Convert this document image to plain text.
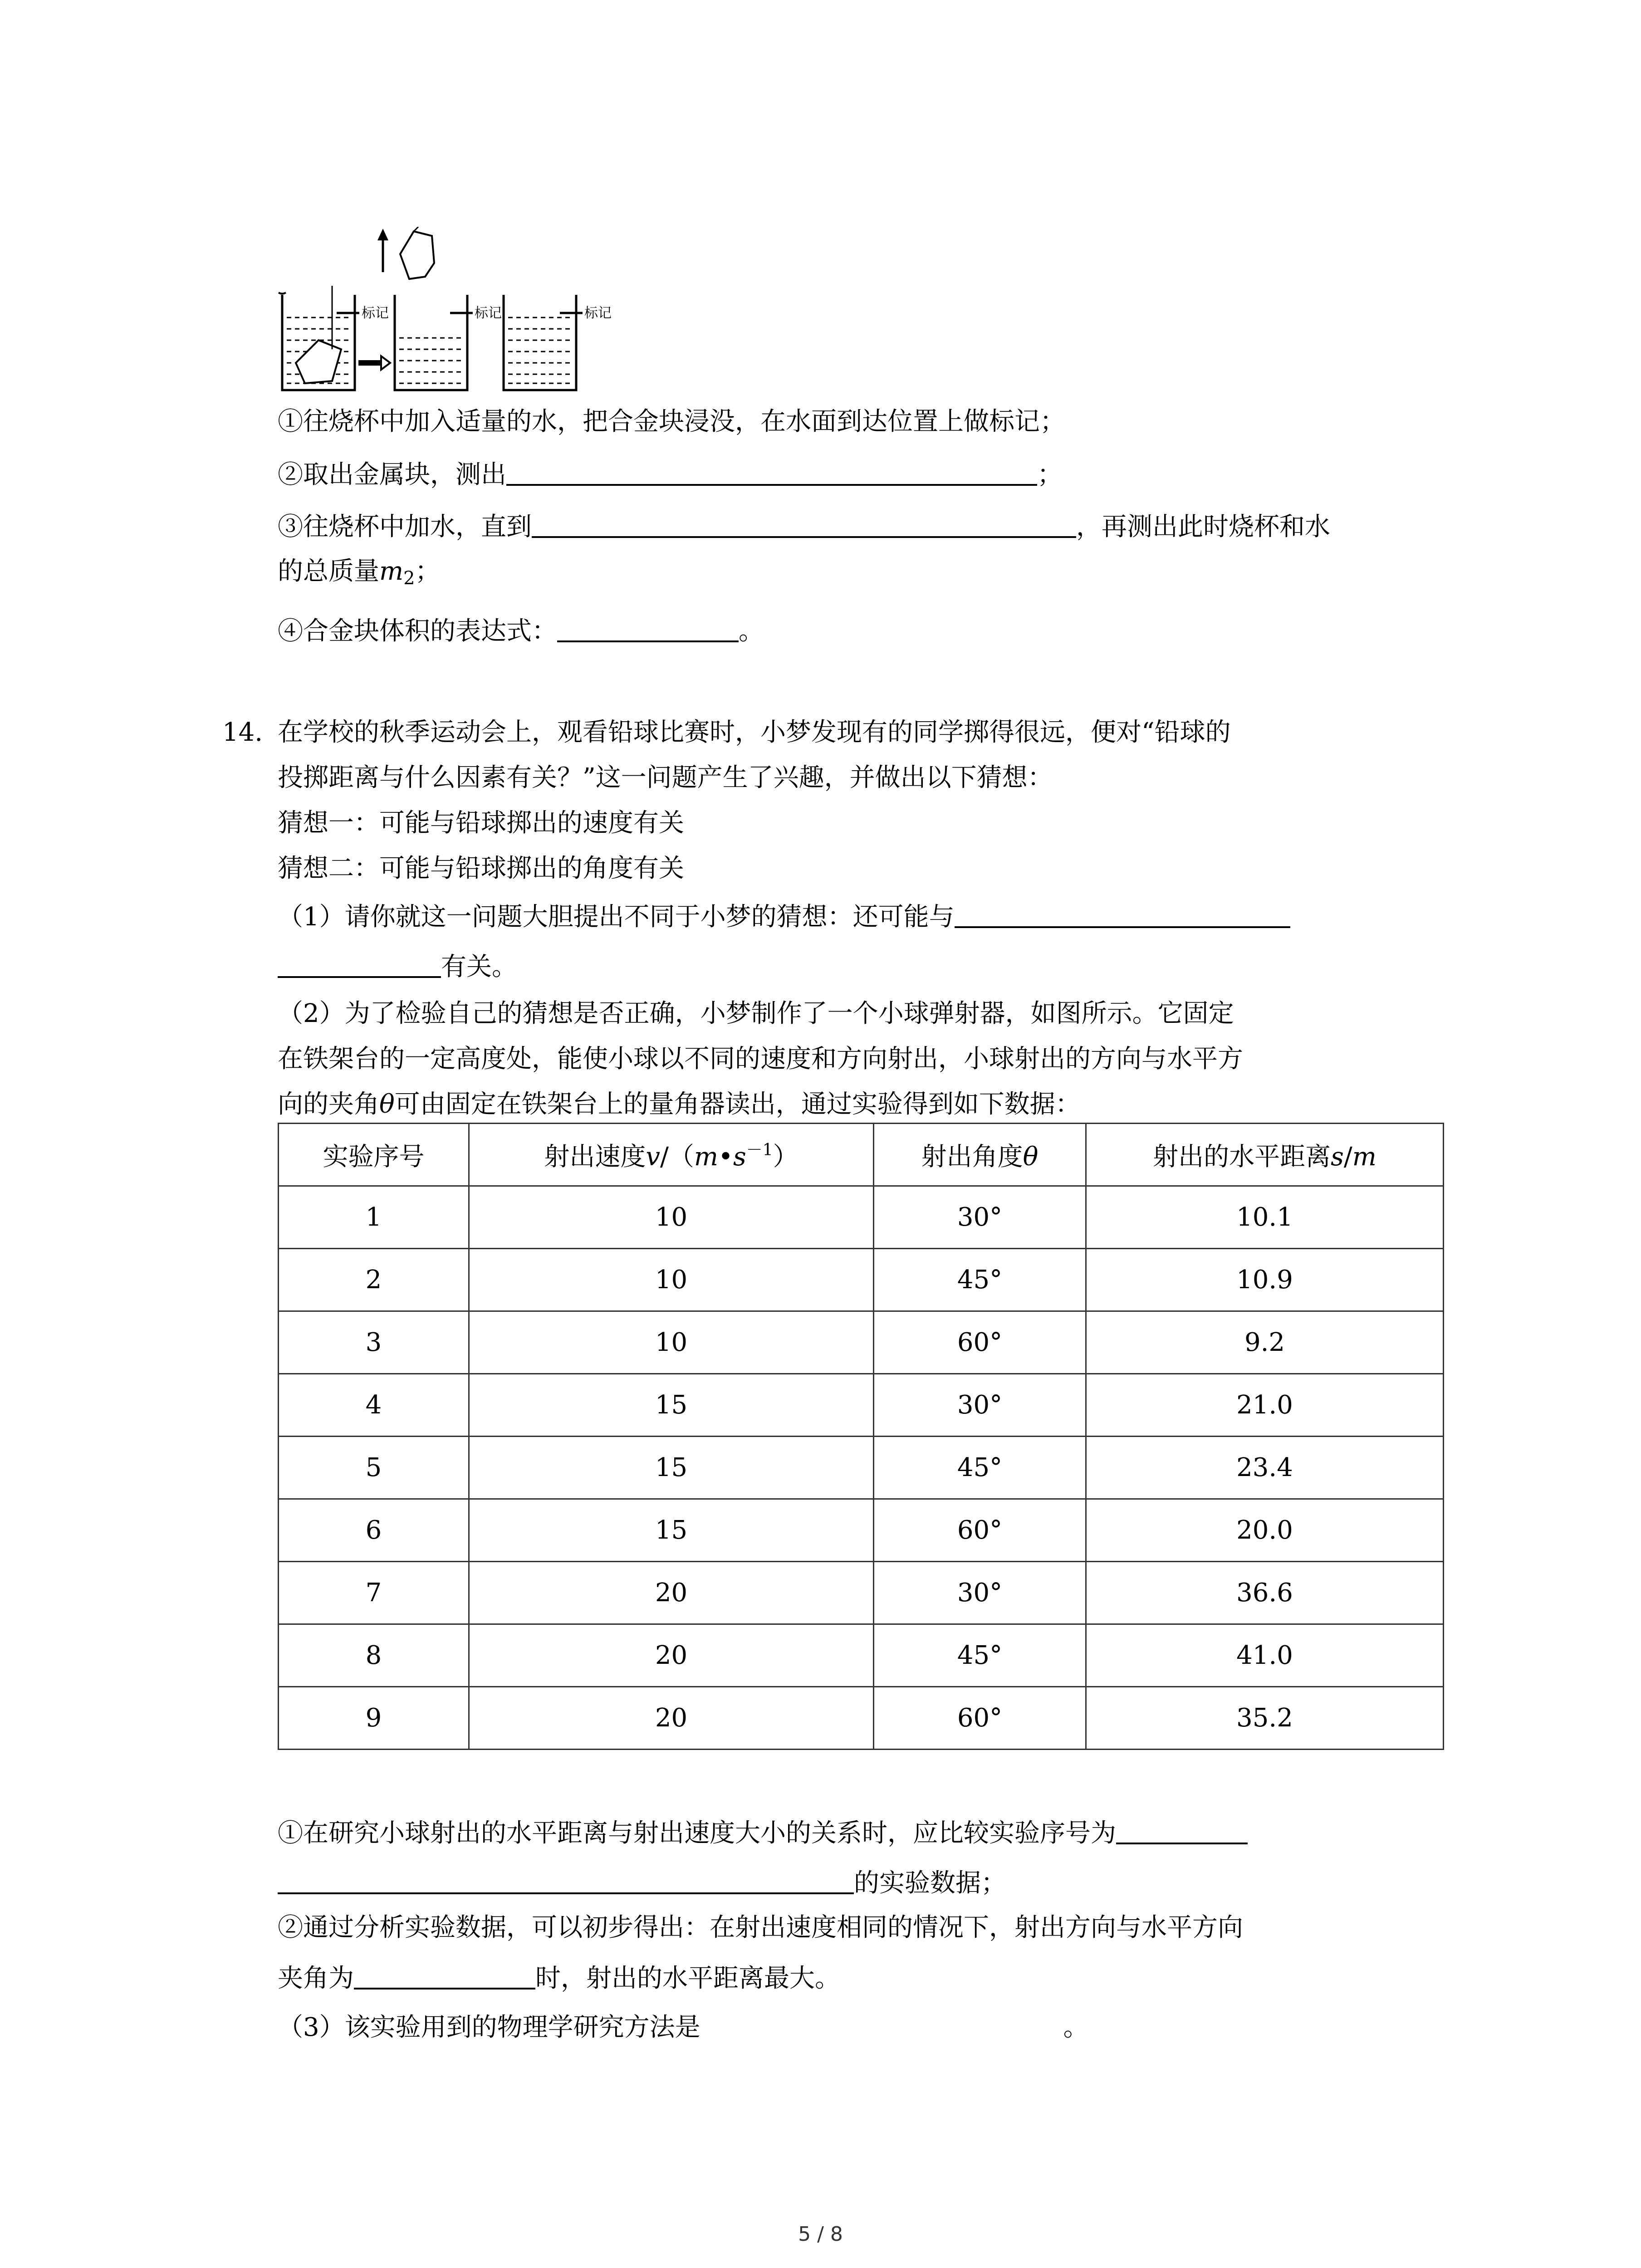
标记	标记	标记
①往烧杯中加入适量的水，把合金块浸没，在水面到达位置上做标记；
②取出金属块，测出	；
③往烧杯中加水，直到	，再测出此时烧杯和水
的总质量$m_2$；
④合金块体积的表达式：	。
14. 在学校的秋季运动会上，观看铅球比赛时，小梦发现有的同学掷得很远，便对“铅球的
投掷距离与什么因素有关？”这一问题产生了兴趣，并做出以下猜想：
猜想一：可能与铅球掷出的速度有关
猜想二：可能与铅球掷出的角度有关
（1）请你就这一问题大胆提出不同于小梦的猜想：还可能与
有关。
（2）为了检验自己的猜想是否正确，小梦制作了一个小球弹射器，如图所示。它固定
在铁架台的一定高度处，能使小球以不同的速度和方向射出，小球射出的方向与水平方
向的夹角θ可由固定在铁架台上的量角器读出，通过实验得到如下数据：
实验序号	射出速度$v/(m•s^{-1})$	射出角度θ	射出的水平距离s/m
1	10	30°	10.1
2	10	45°	10.9
3	10	60°	9.2
4	15	30°	21.0
5	15	45°	23.4
6	15	60°	20.0
7	20	30°	36.6
8	20	45°	41.0
9	20	60°	35.2
①在研究小球射出的水平距离与射出速度大小的关系时，应比较实验序号为
的实验数据；
②通过分析实验数据，可以初步得出：在射出速度相同的情况下，射出方向与水平方向
夹角为	时，射出的水平距离最大。
（3）该实验用到的物理学研究方法是	。
5 / 8
